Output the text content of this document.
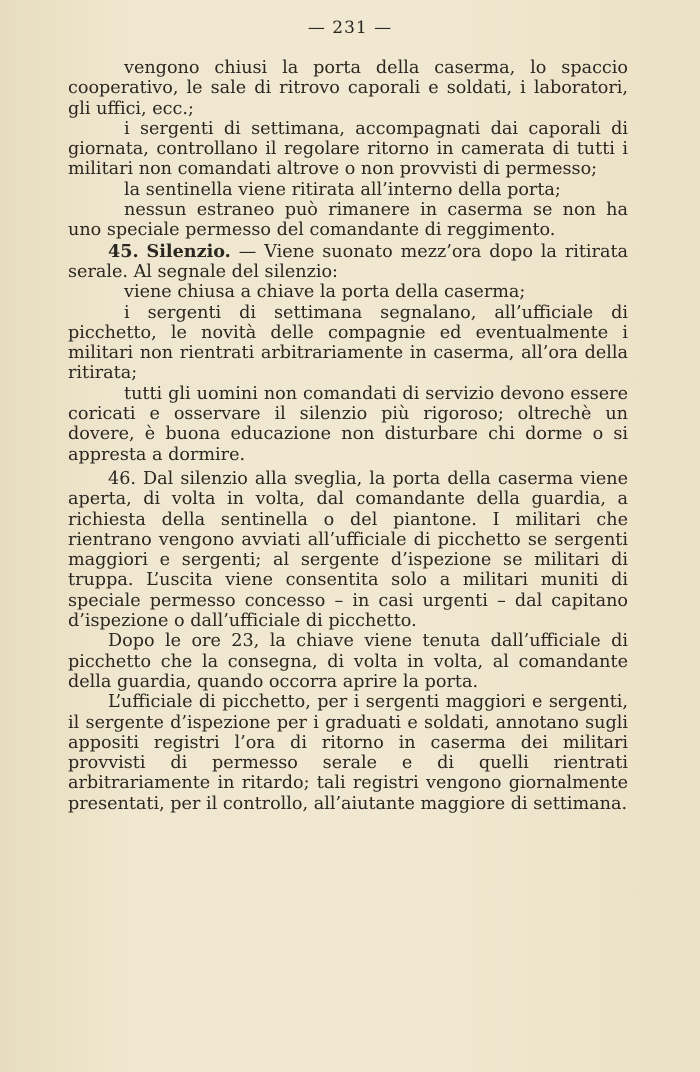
— 231 —

vengono chiusi la porta della caserma, lo spaccio cooperativo, le sale di ritrovo caporali e soldati, i laboratori, gli uffici, ecc.;

i sergenti di settimana, accompagnati dai caporali di giornata, controllano il regolare ritorno in camerata di tutti i militari non comandati altrove o non provvisti di permesso;

la sentinella viene ritirata all’interno della porta;

nessun estraneo può rimanere in caserma se non ha uno speciale permesso del comandante di reggimento.

45. Silenzio. — Viene suonato mezz’ora dopo la ritirata serale. Al segnale del silenzio:

viene chiusa a chiave la porta della caserma;

i sergenti di settimana segnalano, all’ufficiale di picchetto, le novità delle compagnie ed eventualmente i militari non rientrati arbitrariamente in caserma, all’ora della ritirata;

tutti gli uomini non comandati di servizio devono essere coricati e osservare il silenzio più rigoroso; oltrechè un dovere, è buona educazione non disturbare chi dorme o si appresta a dormire.

46. Dal silenzio alla sveglia, la porta della caserma viene aperta, di volta in volta, dal comandante della guardia, a richiesta della sentinella o del piantone. I militari che rientrano vengono avviati all’ufficiale di picchetto se sergenti maggiori e sergenti; al sergente d’ispezione se militari di truppa. L’uscita viene consentita solo a militari muniti di speciale permesso concesso – in casi urgenti – dal capitano d’ispezione o dall’ufficiale di picchetto.

Dopo le ore 23, la chiave viene tenuta dall’ufficiale di picchetto che la consegna, di volta in volta, al comandante della guardia, quando occorra aprire la porta.

L’ufficiale di picchetto, per i sergenti maggiori e sergenti, il sergente d’ispezione per i graduati e soldati, annotano sugli appositi registri l’ora di ritorno in caserma dei militari provvisti di permesso serale e di quelli rientrati arbitrariamente in ritardo; tali registri vengono giornalmente presentati, per il controllo, all’aiutante maggiore di settimana.
